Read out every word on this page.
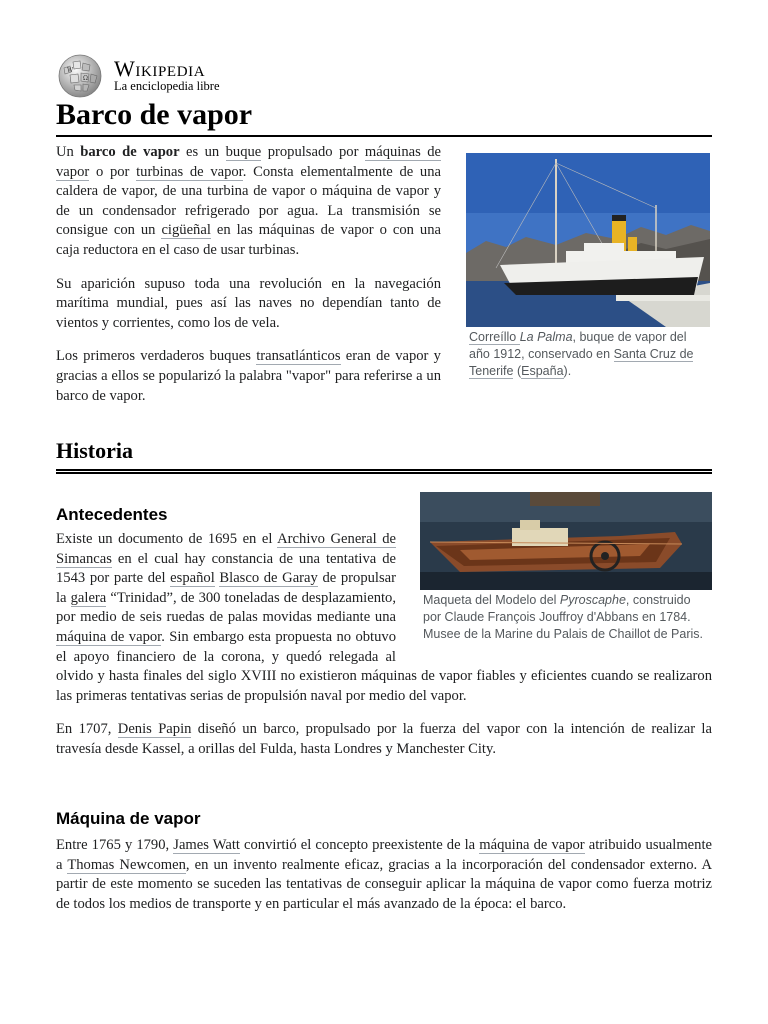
W
Ω Wikipedia
La enciclopedia libre
Barco de vapor
Correíllo La Palma, buque de vapor del año 1912, conservado en Santa Cruz de Tenerife (España).

Un barco de vapor es un buque propulsado por máquinas de vapor o por turbinas de vapor. Consta elementalmente de una caldera de vapor, de una turbina de vapor o máquina de vapor y de un condensador refrigerado por agua. La transmisión se consigue con un cigüeñal en las máquinas de vapor o con una caja reductora en el caso de usar turbinas.

Su aparición supuso toda una revolución en la navegación marítima mundial, pues así las naves no dependían tanto de vientos y corrientes, como los de vela.

Los primeros verdaderos buques transatlánticos eran de vapor y gracias a ellos se popularizó la palabra "vapor" para referirse a un barco de vapor.

Historia
Maqueta del Modelo del Pyroscaphe, construido por Claude François Jouffroy d'Abbans en 1784. Musee de la Marine du Palais de Chaillot de Paris.
Antecedentes

Existe un documento de 1695 en el Archivo General de Simancas en el cual hay constancia de una tentativa de 1543 por parte del español Blasco de Garay de propulsar la galera “Trinidad”, de 300 toneladas de desplazamiento, por medio de seis ruedas de palas movidas mediante una máquina de vapor. Sin embargo esta propuesta no obtuvo el apoyo financiero de la corona, y quedó relegada al olvido y hasta finales del siglo XVIII no existieron máquinas de vapor fiables y eficientes cuando se realizaron las primeras tentativas serias de propulsión naval por medio del vapor.

En 1707, Denis Papin diseñó un barco, propulsado por la fuerza del vapor con la intención de realizar la travesía desde Kassel, a orillas del Fulda, hasta Londres y Manchester City.

Máquina de vapor

Entre 1765 y 1790, James Watt convirtió el concepto preexistente de la máquina de vapor atribuido usualmente a Thomas Newcomen, en un invento realmente eficaz, gracias a la incorporación del condensador externo. A partir de este momento se suceden las tentativas de conseguir aplicar la máquina de vapor como fuerza motriz de todos los medios de transporte y en particular el más avanzado de la época: el barco.
